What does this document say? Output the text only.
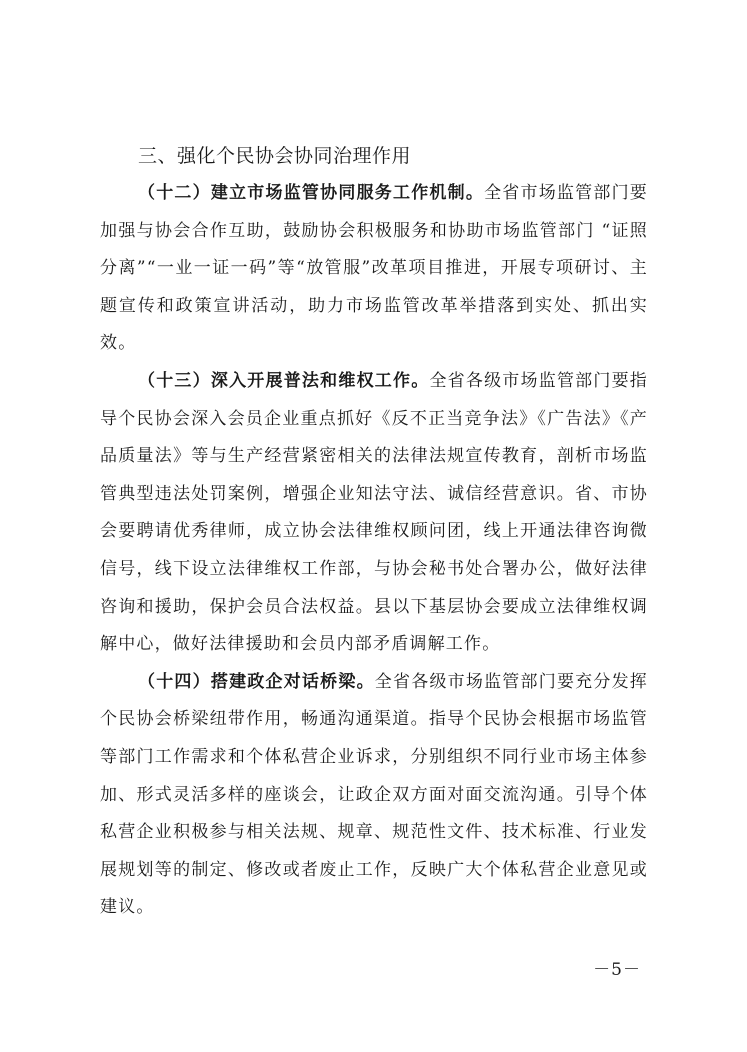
三、强化个民协会协同治理作用

（十二）建立市场监管协同服务工作机制。全省市场监管部门要加强与协会合作互助，鼓励协会积极服务和协助市场监管部门 “证照分离”“一业一证一码”等“放管服”改革项目推进，开展专项研讨、主题宣传和政策宣讲活动，助力市场监管改革举措落到实处、抓出实效。

（十三）深入开展普法和维权工作。全省各级市场监管部门要指导个民协会深入会员企业重点抓好《反不正当竞争法》《广告法》《产品质量法》等与生产经营紧密相关的法律法规宣传教育，剖析市场监管典型违法处罚案例，增强企业知法守法、诚信经营意识。省、市协会要聘请优秀律师，成立协会法律维权顾问团，线上开通法律咨询微信号，线下设立法律维权工作部，与协会秘书处合署办公，做好法律咨询和援助，保护会员合法权益。县以下基层协会要成立法律维权调解中心，做好法律援助和会员内部矛盾调解工作。

（十四）搭建政企对话桥梁。全省各级市场监管部门要充分发挥个民协会桥梁纽带作用，畅通沟通渠道。指导个民协会根据市场监管等部门工作需求和个体私营企业诉求，分别组织不同行业市场主体参加、形式灵活多样的座谈会，让政企双方面对面交流沟通。引导个体私营企业积极参与相关法规、规章、规范性文件、技术标准、行业发展规划等的制定、修改或者废止工作，反映广大个体私营企业意见或建议。

－5－
